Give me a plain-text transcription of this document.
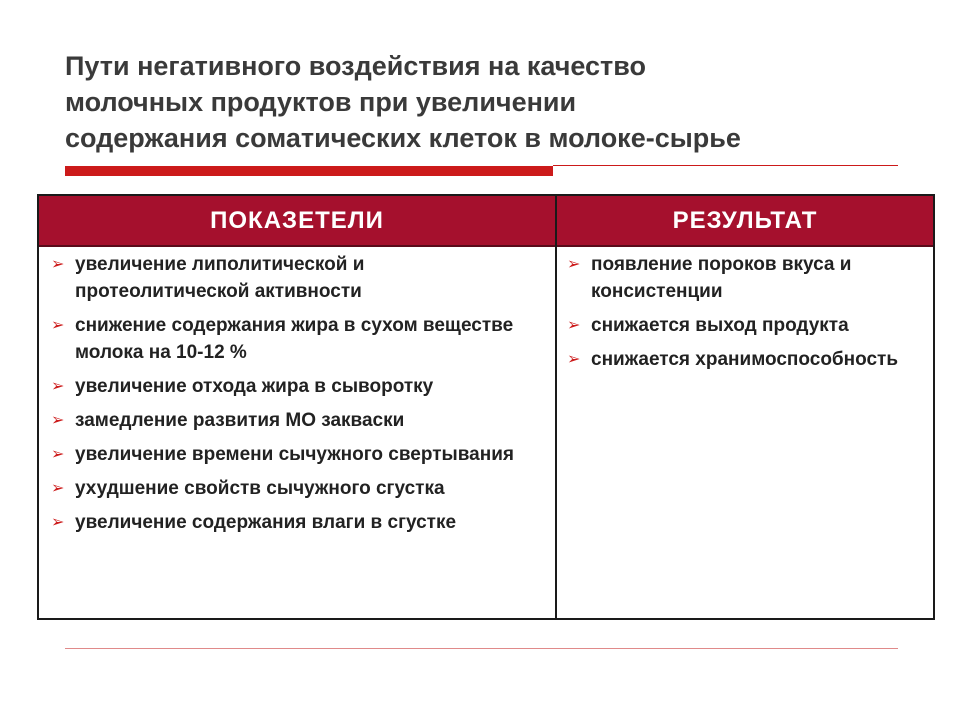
Пути негативного воздействия на качество
молочных продуктов при увеличении
содержания соматических клеток в молоке-сырье
ПОКАЗЕТЕЛИ	РЕЗУЛЬТАТ
➢ увеличение липолитической и протеолитической активности
➢ снижение содержания жира в сухом веществе молока на 10-12 %
➢ увеличение отхода жира в сыворотку
➢ замедление развития МО закваски
➢ увеличение времени сычужного свертывания
➢ ухудшение свойств сычужного сгустка
➢ увеличение содержания влаги в сгустке
➢ появление пороков вкуса и консистенции
➢ снижается выход продукта
➢ снижается хранимоспособность
